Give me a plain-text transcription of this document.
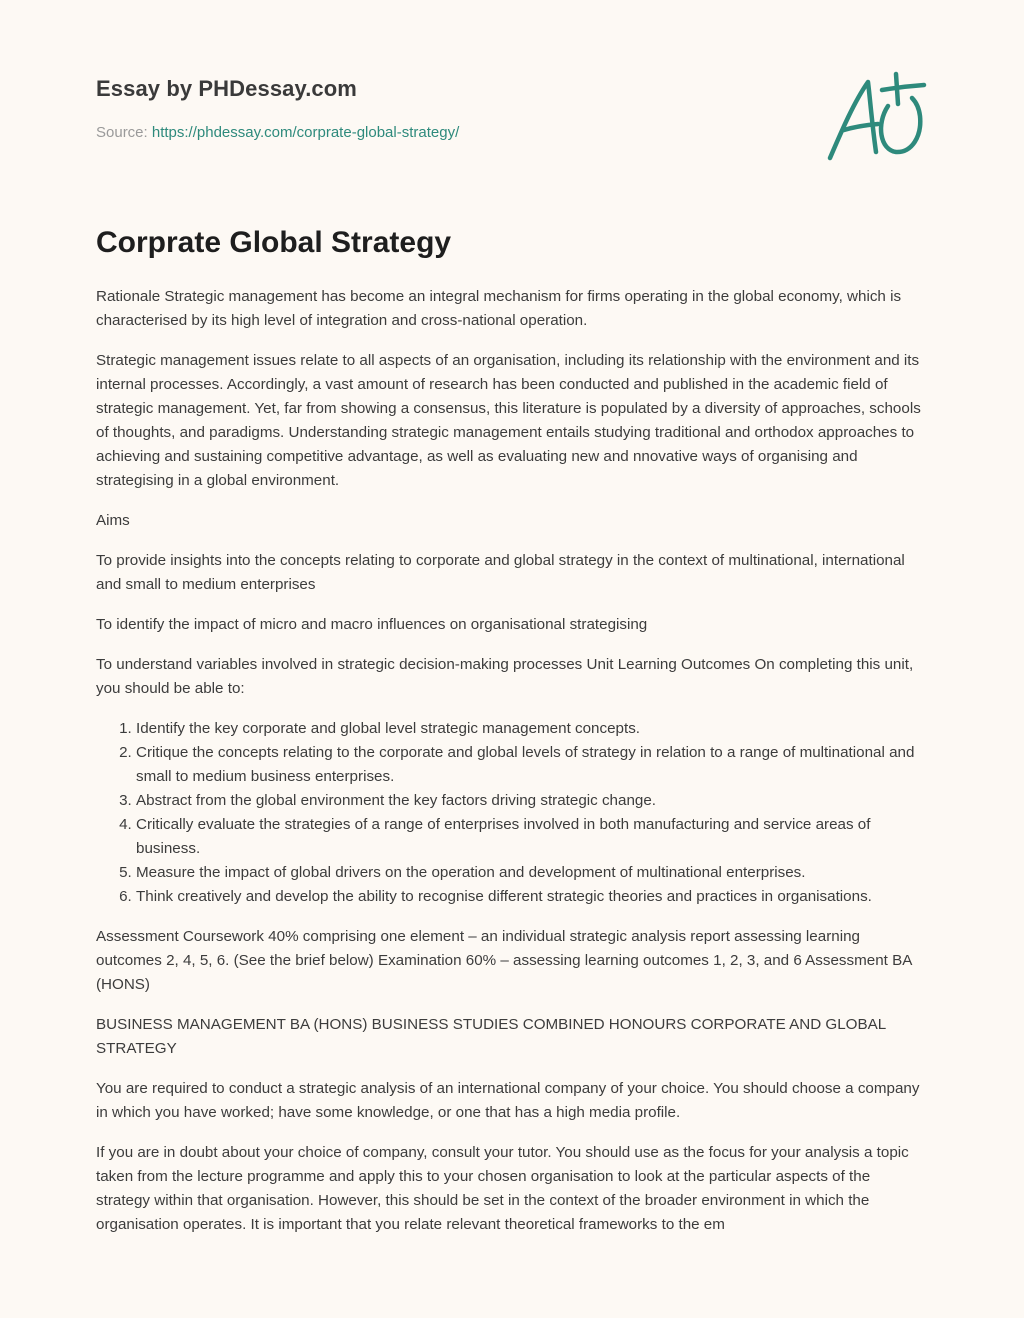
Essay by PHDessay.com

Source: https://phdessay.com/corprate-global-strategy/

Corprate Global Strategy

Rationale Strategic management has become an integral mechanism for firms operating in the global economy, which is characterised by its high level of integration and cross-national operation.

Strategic management issues relate to all aspects of an organisation, including its relationship with the environment and its internal processes. Accordingly, a vast amount of research has been conducted and published in the academic field of strategic management. Yet, far from showing a consensus, this literature is populated by a diversity of approaches, schools of thoughts, and paradigms. Understanding strategic management entails studying traditional and orthodox approaches to achieving and sustaining competitive advantage, as well as evaluating new and nnovative ways of organising and strategising in a global environment.

Aims

To provide insights into the concepts relating to corporate and global strategy in the context of multinational, international and small to medium enterprises

To identify the impact of micro and macro influences on organisational strategising

To understand variables involved in strategic decision-making processes Unit Learning Outcomes On completing this unit, you should be able to:

1. Identify the key corporate and global level strategic management concepts.
2. Critique the concepts relating to the corporate and global levels of strategy in relation to a range of multinational and small to medium business enterprises.
3. Abstract from the global environment the key factors driving strategic change.
4. Critically evaluate the strategies of a range of enterprises involved in both manufacturing and service areas of business.
5. Measure the impact of global drivers on the operation and development of multinational enterprises.
6. Think creatively and develop the ability to recognise different strategic theories and practices in organisations.

Assessment Coursework 40% comprising one element – an individual strategic analysis report assessing learning outcomes 2, 4, 5, 6. (See the brief below) Examination 60% – assessing learning outcomes 1, 2, 3, and 6 Assessment BA (HONS)

BUSINESS MANAGEMENT BA (HONS) BUSINESS STUDIES COMBINED HONOURS CORPORATE AND GLOBAL STRATEGY

You are required to conduct a strategic analysis of an international company of your choice. You should choose a company in which you have worked; have some knowledge, or one that has a high media profile.

If you are in doubt about your choice of company, consult your tutor. You should use as the focus for your analysis a topic taken from the lecture programme and apply this to your chosen organisation to look at the particular aspects of the strategy within that organisation. However, this should be set in the context of the broader environment in which the organisation operates. It is important that you relate relevant theoretical frameworks to the em
